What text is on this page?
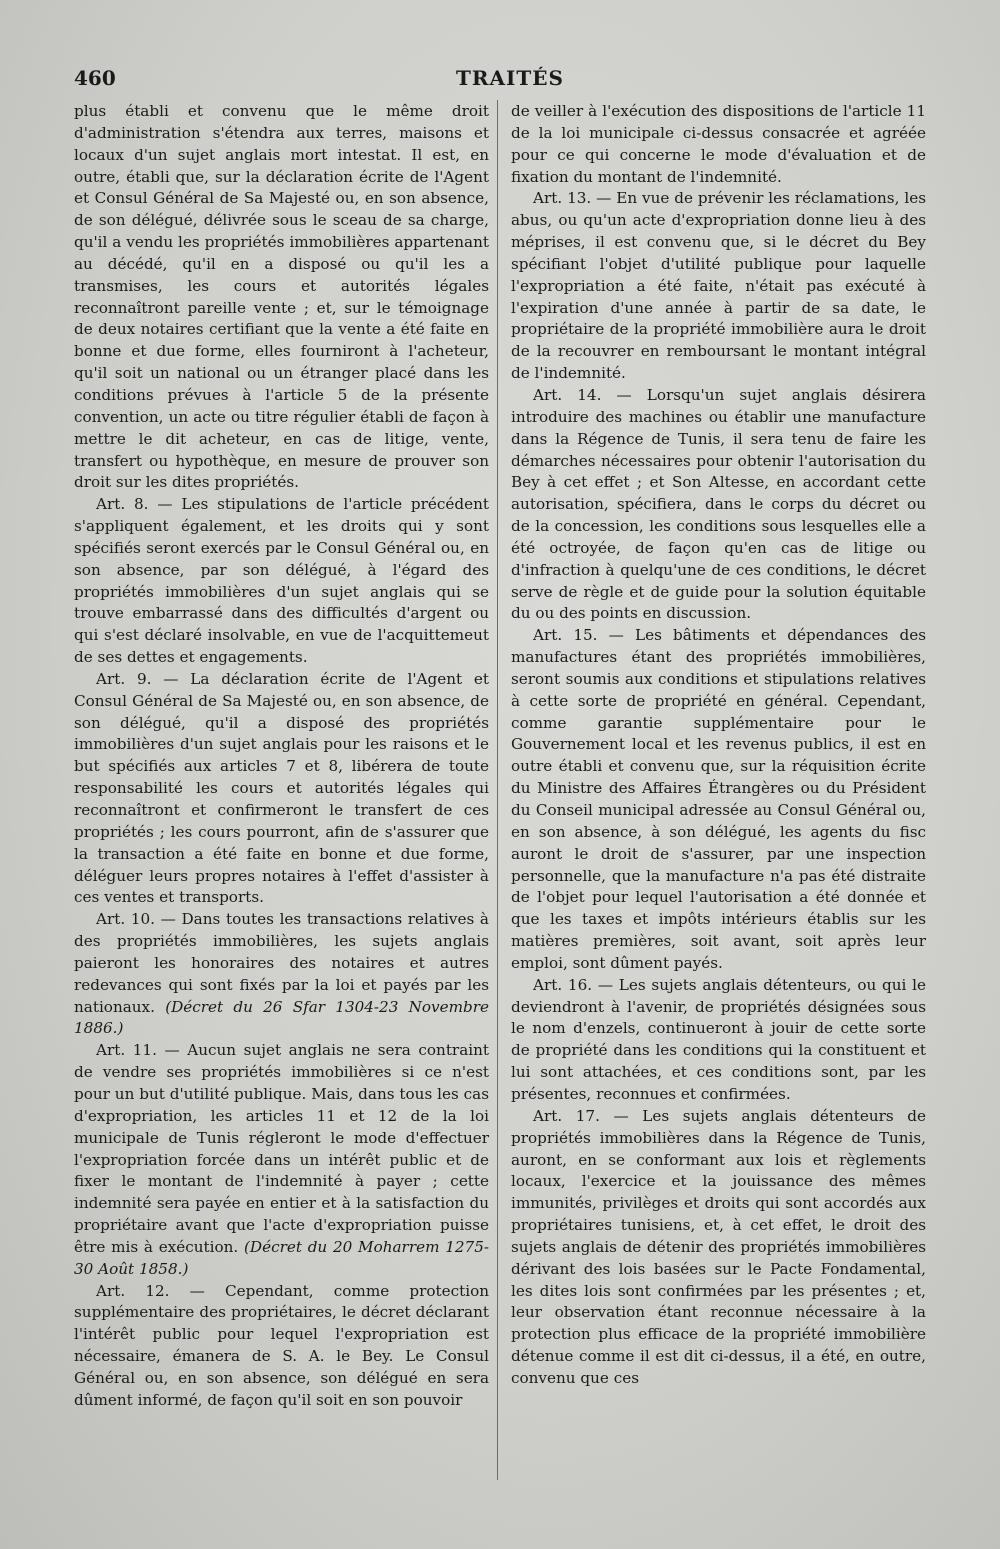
460	TRAITÉS

plus établi et convenu que le même droit d'administration s'étendra aux terres, maisons et locaux d'un sujet anglais mort intestat. Il est, en outre, établi que, sur la déclaration écrite de l'Agent et Consul Général de Sa Majesté ou, en son absence, de son délégué, délivrée sous le sceau de sa charge, qu'il a vendu les propriétés immobilières appartenant au décédé, qu'il en a disposé ou qu'il les a transmises, les cours et autorités légales reconnaîtront pareille vente ; et, sur le témoignage de deux notaires certifiant que la vente a été faite en bonne et due forme, elles fourniront à l'acheteur, qu'il soit un national ou un étranger placé dans les conditions prévues à l'article 5 de la présente convention, un acte ou titre régulier établi de façon à mettre le dit acheteur, en cas de litige, vente, transfert ou hypothèque, en mesure de prouver son droit sur les dites propriétés.

Art. 8. — Les stipulations de l'article précédent s'appliquent également, et les droits qui y sont spécifiés seront exercés par le Consul Général ou, en son absence, par son délégué, à l'égard des propriétés immobilières d'un sujet anglais qui se trouve embarrassé dans des difficultés d'argent ou qui s'est déclaré insolvable, en vue de l'acquittemeut de ses dettes et engagements.

Art. 9. — La déclaration écrite de l'Agent et Consul Général de Sa Majesté ou, en son absence, de son délégué, qu'il a disposé des propriétés immobilières d'un sujet anglais pour les raisons et le but spécifiés aux articles 7 et 8, libérera de toute responsabilité les cours et autorités légales qui reconnaîtront et confirmeront le transfert de ces propriétés ; les cours pourront, afin de s'assurer que la transaction a été faite en bonne et due forme, déléguer leurs propres notaires à l'effet d'assister à ces ventes et transports.

Art. 10. — Dans toutes les transactions relatives à des propriétés immobilières, les sujets anglais paieront les honoraires des notaires et autres redevances qui sont fixés par la loi et payés par les nationaux. (Décret du 26 Sfar 1304-23 Novembre 1886.)

Art. 11. — Aucun sujet anglais ne sera contraint de vendre ses propriétés immobilières si ce n'est pour un but d'utilité publique. Mais, dans tous les cas d'expropriation, les articles 11 et 12 de la loi municipale de Tunis régleront le mode d'effectuer l'expropriation forcée dans un intérêt public et de fixer le montant de l'indemnité à payer ; cette indemnité sera payée en entier et à la satisfaction du propriétaire avant que l'acte d'expropriation puisse être mis à exécution. (Décret du 20 Moharrem 1275-30 Août 1858.)

Art. 12. — Cependant, comme protection supplémentaire des propriétaires, le décret déclarant l'intérêt public pour lequel l'expropriation est nécessaire, émanera de S. A. le Bey. Le Consul Général ou, en son absence, son délégué en sera dûment informé, de façon qu'il soit en son pouvoir

de veiller à l'exécution des dispositions de l'article 11 de la loi municipale ci-dessus consacrée et agréée pour ce qui concerne le mode d'évaluation et de fixation du montant de l'indemnité.

Art. 13. — En vue de prévenir les réclamations, les abus, ou qu'un acte d'expropriation donne lieu à des méprises, il est convenu que, si le décret du Bey spécifiant l'objet d'utilité publique pour laquelle l'expropriation a été faite, n'était pas exécuté à l'expiration d'une année à partir de sa date, le propriétaire de la propriété immobilière aura le droit de la recouvrer en remboursant le montant intégral de l'indemnité.

Art. 14. — Lorsqu'un sujet anglais désirera introduire des machines ou établir une manufacture dans la Régence de Tunis, il sera tenu de faire les démarches nécessaires pour obtenir l'autorisation du Bey à cet effet ; et Son Altesse, en accordant cette autorisation, spécifiera, dans le corps du décret ou de la concession, les conditions sous lesquelles elle a été octroyée, de façon qu'en cas de litige ou d'infraction à quelqu'une de ces conditions, le décret serve de règle et de guide pour la solution équitable du ou des points en discussion.

Art. 15. — Les bâtiments et dépendances des manufactures étant des propriétés immobilières, seront soumis aux conditions et stipulations relatives à cette sorte de propriété en général. Cependant, comme garantie supplémentaire pour le Gouvernement local et les revenus publics, il est en outre établi et convenu que, sur la réquisition écrite du Ministre des Affaires Étrangères ou du Président du Conseil municipal adressée au Consul Général ou, en son absence, à son délégué, les agents du fisc auront le droit de s'assurer, par une inspection personnelle, que la manufacture n'a pas été distraite de l'objet pour lequel l'autorisation a été donnée et que les taxes et impôts intérieurs établis sur les matières premières, soit avant, soit après leur emploi, sont dûment payés.

Art. 16. — Les sujets anglais détenteurs, ou qui le deviendront à l'avenir, de propriétés désignées sous le nom d'enzels, continueront à jouir de cette sorte de propriété dans les conditions qui la constituent et lui sont attachées, et ces conditions sont, par les présentes, reconnues et confirmées.

Art. 17. — Les sujets anglais détenteurs de propriétés immobilières dans la Régence de Tunis, auront, en se conformant aux lois et règlements locaux, l'exercice et la jouissance des mêmes immunités, privilèges et droits qui sont accordés aux propriétaires tunisiens, et, à cet effet, le droit des sujets anglais de détenir des propriétés immobilières dérivant des lois basées sur le Pacte Fondamental, les dites lois sont confirmées par les présentes ; et, leur observation étant reconnue nécessaire à la protection plus efficace de la propriété immobilière détenue comme il est dit ci-dessus, il a été, en outre, convenu que ces
